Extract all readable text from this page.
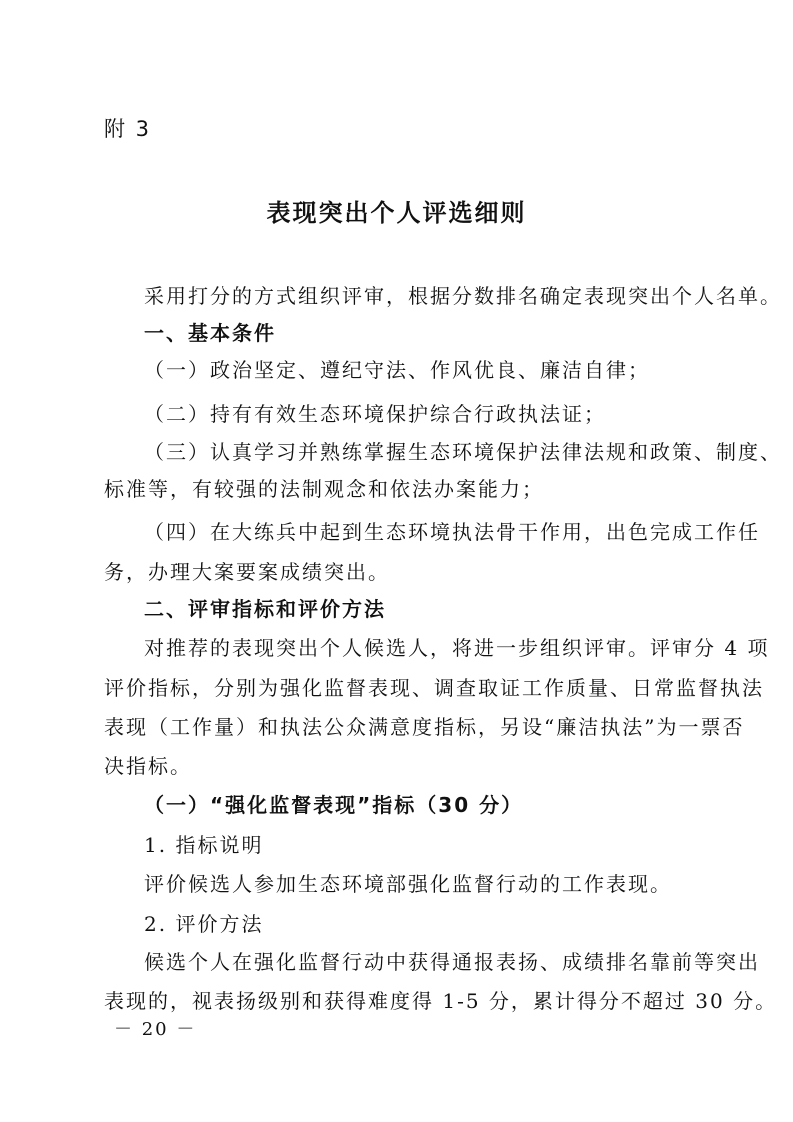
附 3
表现突出个人评选细则
采用打分的方式组织评审，根据分数排名确定表现突出个人名单。
一、基本条件
（一）政治坚定、遵纪守法、作风优良、廉洁自律；
（二）持有有效生态环境保护综合行政执法证；
（三）认真学习并熟练掌握生态环境保护法律法规和政策、制度、
标准等，有较强的法制观念和依法办案能力；
（四）在大练兵中起到生态环境执法骨干作用，出色完成工作任
务，办理大案要案成绩突出。
二、评审指标和评价方法
对推荐的表现突出个人候选人，将进一步组织评审。评审分 4 项
评价指标，分别为强化监督表现、调查取证工作质量、日常监督执法
表现（工作量）和执法公众满意度指标，另设“廉洁执法”为一票否
决指标。
（一）“强化监督表现”指标（30 分）
1. 指标说明
评价候选人参加生态环境部强化监督行动的工作表现。
2. 评价方法
候选个人在强化监督行动中获得通报表扬、成绩排名靠前等突出
表现的，视表扬级别和获得难度得 1-5 分，累计得分不超过 30 分。
－ 20 －
